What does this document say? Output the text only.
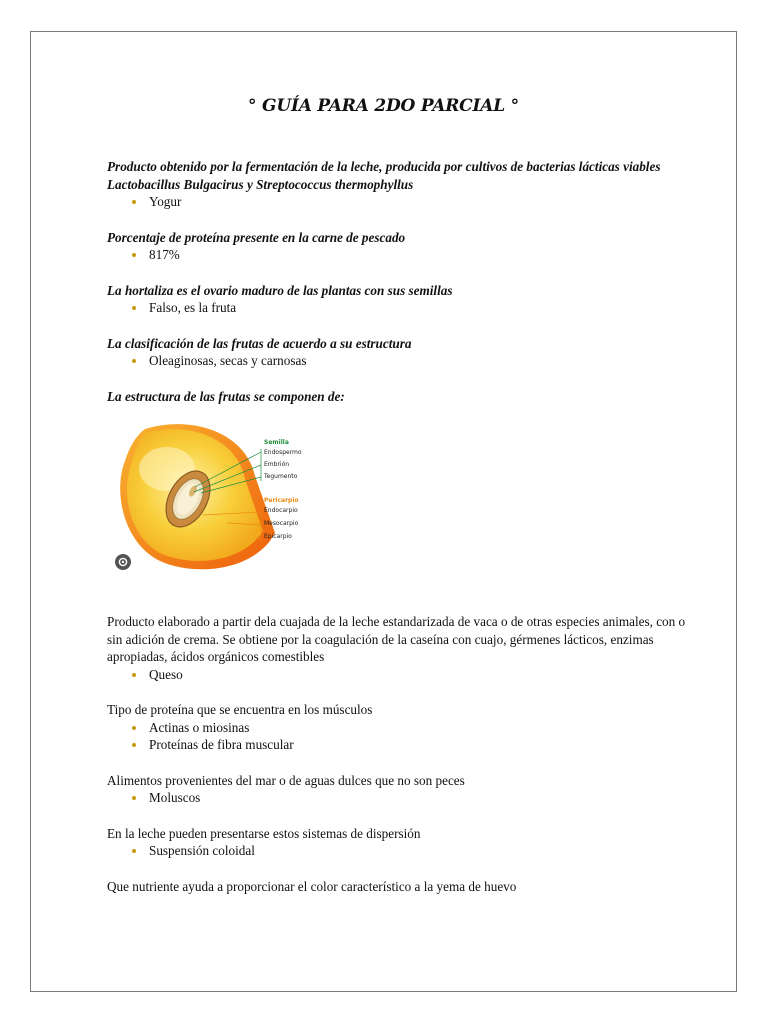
° GUÍA PARA 2DO PARCIAL °

Producto obtenido por la fermentación de la leche, producida por cultivos de bacterias lácticas viables Lactobacillus Bulgacirus y Streptococcus thermophyllus

Yogur

Porcentaje de proteína presente en la carne de pescado

817%

La hortaliza es el ovario maduro de las plantas con sus semillas

Falso, es la fruta

La clasificación de las frutas de acuerdo a su estructura

Oleaginosas, secas y carnosas

La estructura de las frutas se componen de:

Semilla
Endospermo
Embrión
Tegumento
Pericarpio
Endocarpio
Mesocarpio
Epicarpio

Producto elaborado a partir dela cuajada de la leche estandarizada de vaca o de otras especies animales, con o sin adición de crema. Se obtiene por la coagulación de la caseína con cuajo, gérmenes lácticos, enzimas apropiadas, ácidos orgánicos comestibles

Queso

Tipo de proteína que se encuentra en los músculos

Actinas o miosinas
Proteínas de fibra muscular

Alimentos provenientes del mar o de aguas dulces que no son peces

Moluscos

En la leche pueden presentarse estos sistemas de dispersión

Suspensión coloidal

Que nutriente ayuda a proporcionar el color característico a la yema de huevo
